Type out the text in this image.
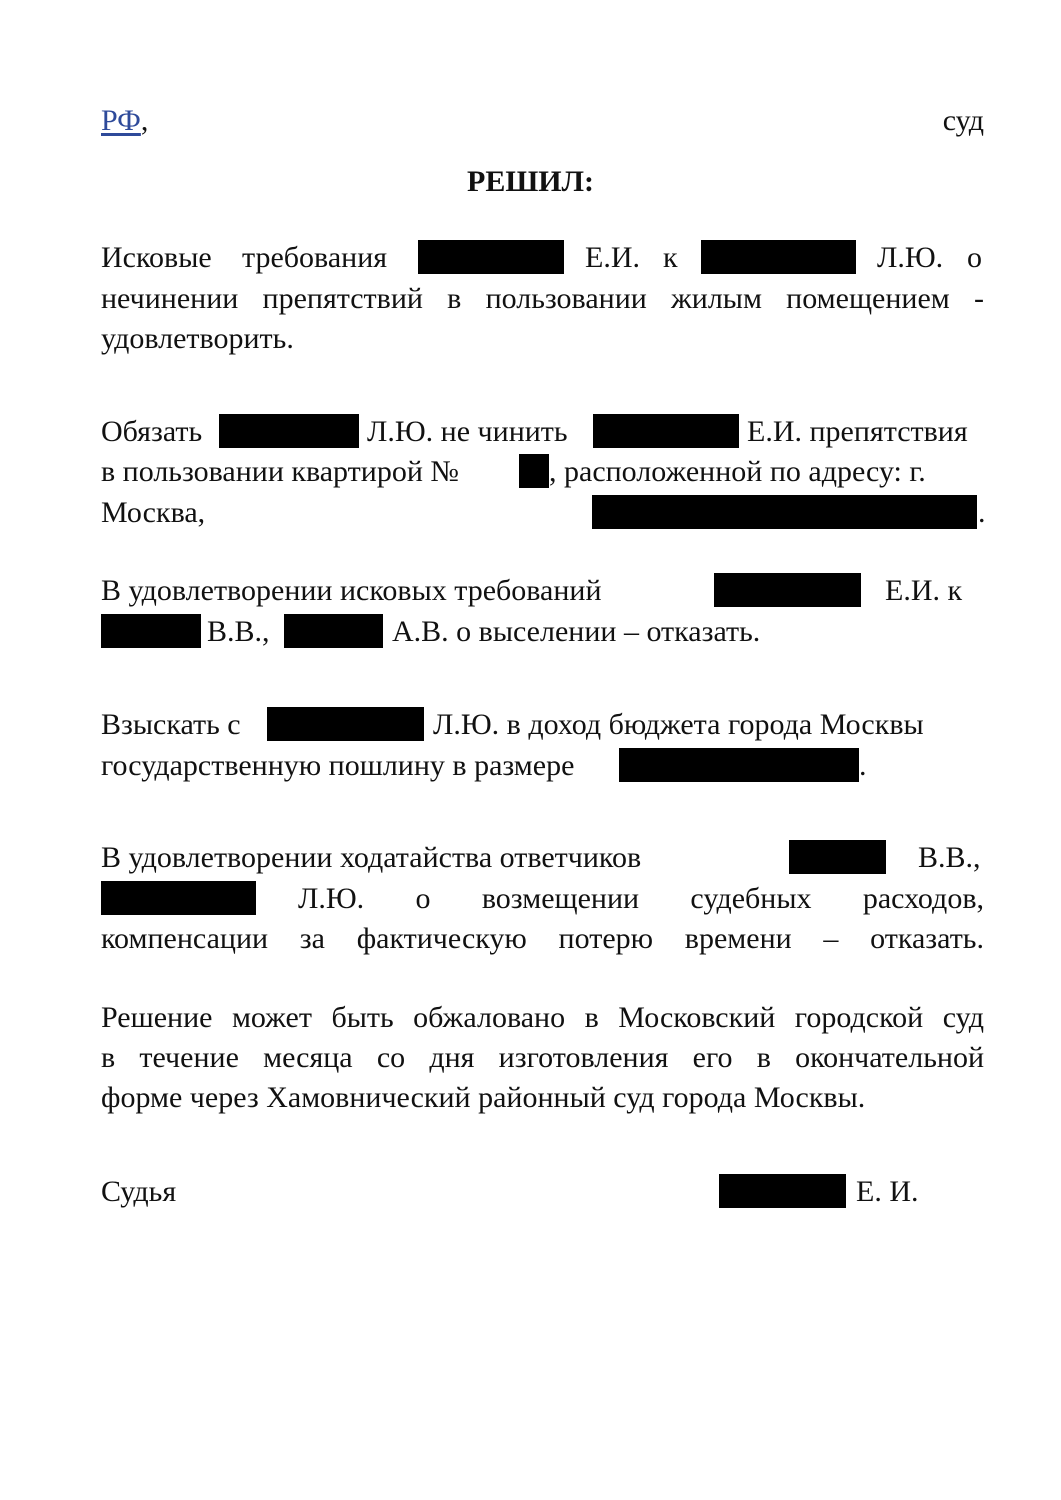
РФ,	суд
РЕШИЛ:
Исковые требования	Е.И. к	Л.Ю. о
нечинении препятствий в пользовании жилым помещением -
удовлетворить.
Обязать	Л.Ю. не чинить	Е.И. препятствия
в пользовании квартирой №	, расположенной по адресу: г.
Москва,	.
В удовлетворении исковых требований	Е.И. к
В.В.,	А.В. о выселении – отказать.
Взыскать с	Л.Ю. в доход бюджета города Москвы
государственную пошлину в размере	.
В удовлетворении ходатайства ответчиков	В.В.,
Л.Ю. о возмещении судебных расходов,
компенсации за фактическую потерю времени – отказать.
Решение может быть обжаловано в Московский городской суд
в течение месяца со дня изготовления его в окончательной
форме через Хамовнический районный суд города Москвы.
Судья	Е. И.
